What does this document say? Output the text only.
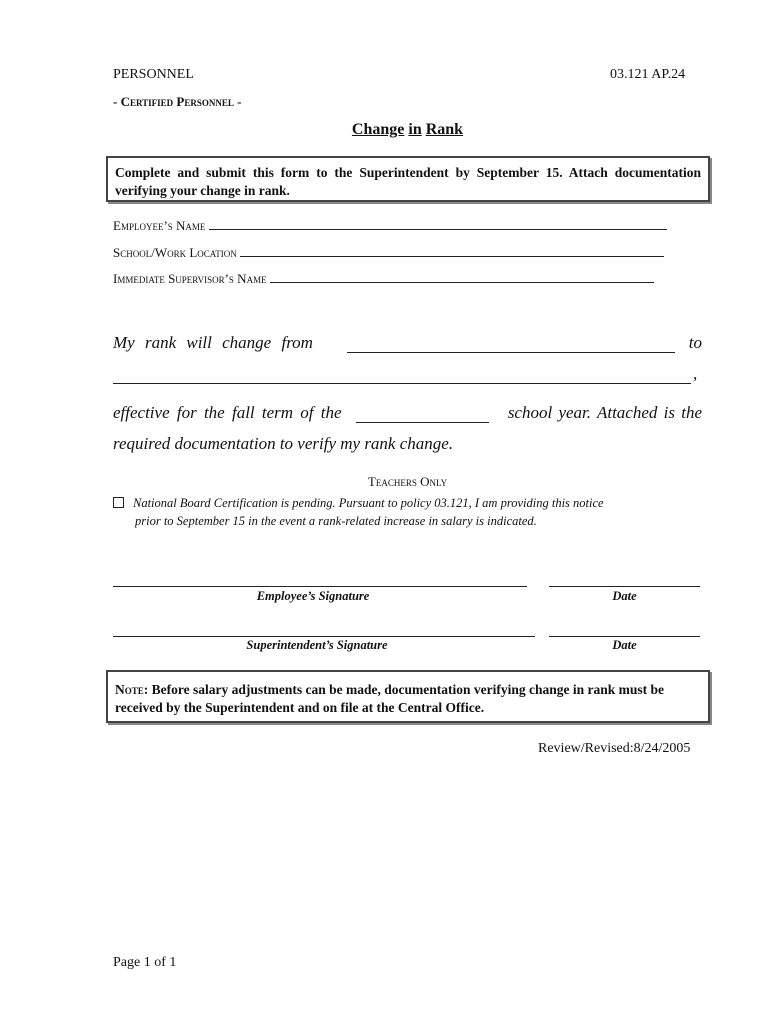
PERSONNEL	03.121 AP.24
- Certified Personnel -
Change in Rank
Complete and submit this form to the Superintendent by September 15. Attach documentation verifying your change in rank.
Employee’s Name
School/Work Location
Immediate Supervisor’s Name
My rank will change from	to
,
effective for the fall term of the	school year. Attached is the
required documentation to verify my rank change.
Teachers Only
National Board Certification is pending. Pursuant to policy 03.121, I am providing this notice
prior to September 15 in the event a rank-related increase in salary is indicated.
Employee’s Signature	Date
Superintendent’s Signature	Date
Note: Before salary adjustments can be made, documentation verifying change in rank must be received by the Superintendent and on file at the Central Office.
Review/Revised:8/24/2005
Page 1 of 1
